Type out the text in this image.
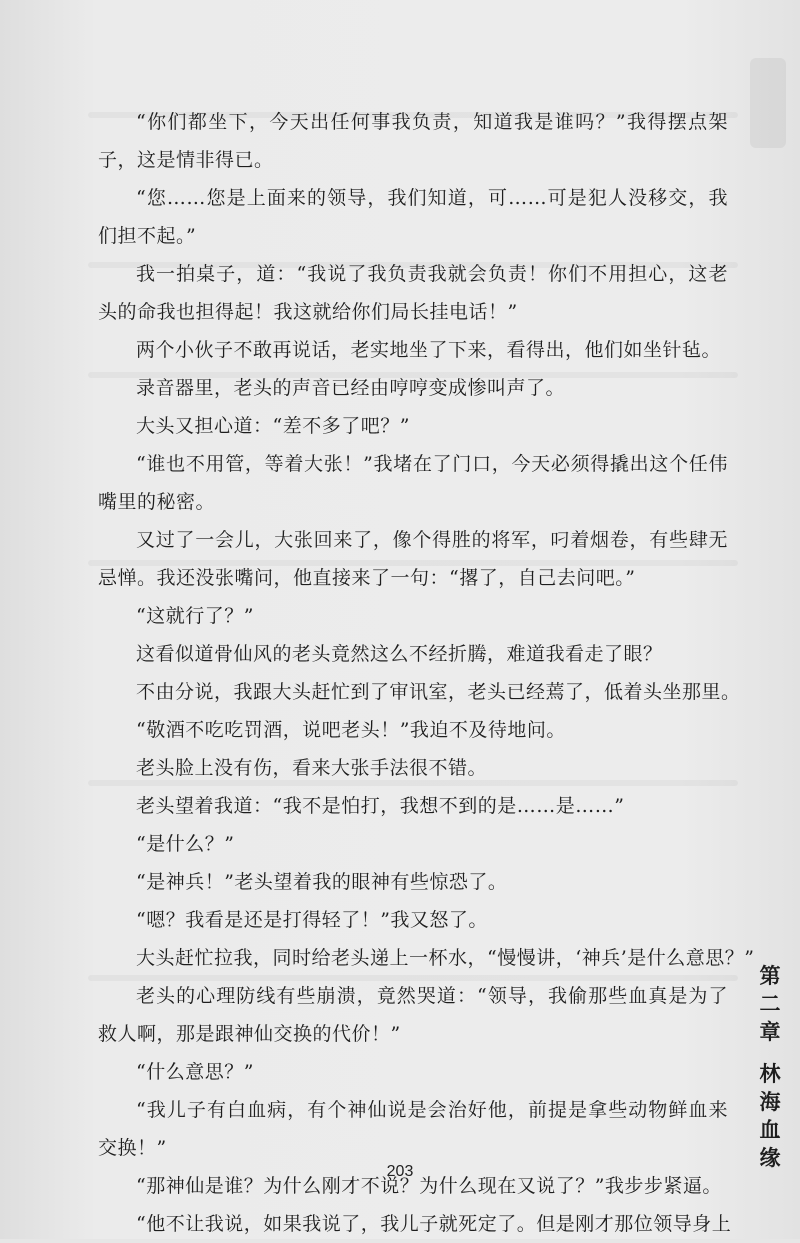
“你们都坐下，今天出任何事我负责，知道我是谁吗？”我得摆点架子，这是情非得已。

“您……您是上面来的领导，我们知道，可……可是犯人没移交，我们担不起。”

我一拍桌子，道：“我说了我负责我就会负责！你们不用担心，这老头的命我也担得起！我这就给你们局长挂电话！”

两个小伙子不敢再说话，老实地坐了下来，看得出，他们如坐针毡。

录音器里，老头的声音已经由哼哼变成惨叫声了。

大头又担心道：“差不多了吧？”

“谁也不用管，等着大张！”我堵在了门口，今天必须得撬出这个任伟嘴里的秘密。

又过了一会儿，大张回来了，像个得胜的将军，叼着烟卷，有些肆无忌惮。我还没张嘴问，他直接来了一句：“撂了，自己去问吧。”

“这就行了？”

这看似道骨仙风的老头竟然这么不经折腾，难道我看走了眼？

不由分说，我跟大头赶忙到了审讯室，老头已经蔫了，低着头坐那里。

“敬酒不吃吃罚酒，说吧老头！”我迫不及待地问。

老头脸上没有伤，看来大张手法很不错。

老头望着我道：“我不是怕打，我想不到的是……是……”

“是什么？”

“是神兵！”老头望着我的眼神有些惊恐了。

“嗯？我看是还是打得轻了！”我又怒了。

大头赶忙拉我，同时给老头递上一杯水，“慢慢讲，‘神兵’是什么意思？”

老头的心理防线有些崩溃，竟然哭道：“领导，我偷那些血真是为了救人啊，那是跟神仙交换的代价！”

“什么意思？”

“我儿子有白血病，有个神仙说是会治好他，前提是拿些动物鲜血来交换！”

“那神仙是谁？为什么刚才不说？为什么现在又说了？”我步步紧逼。

“他不让我说，如果我说了，我儿子就死定了。但是刚才那位领导身上

第
二
章
林
海
血
缘
203
